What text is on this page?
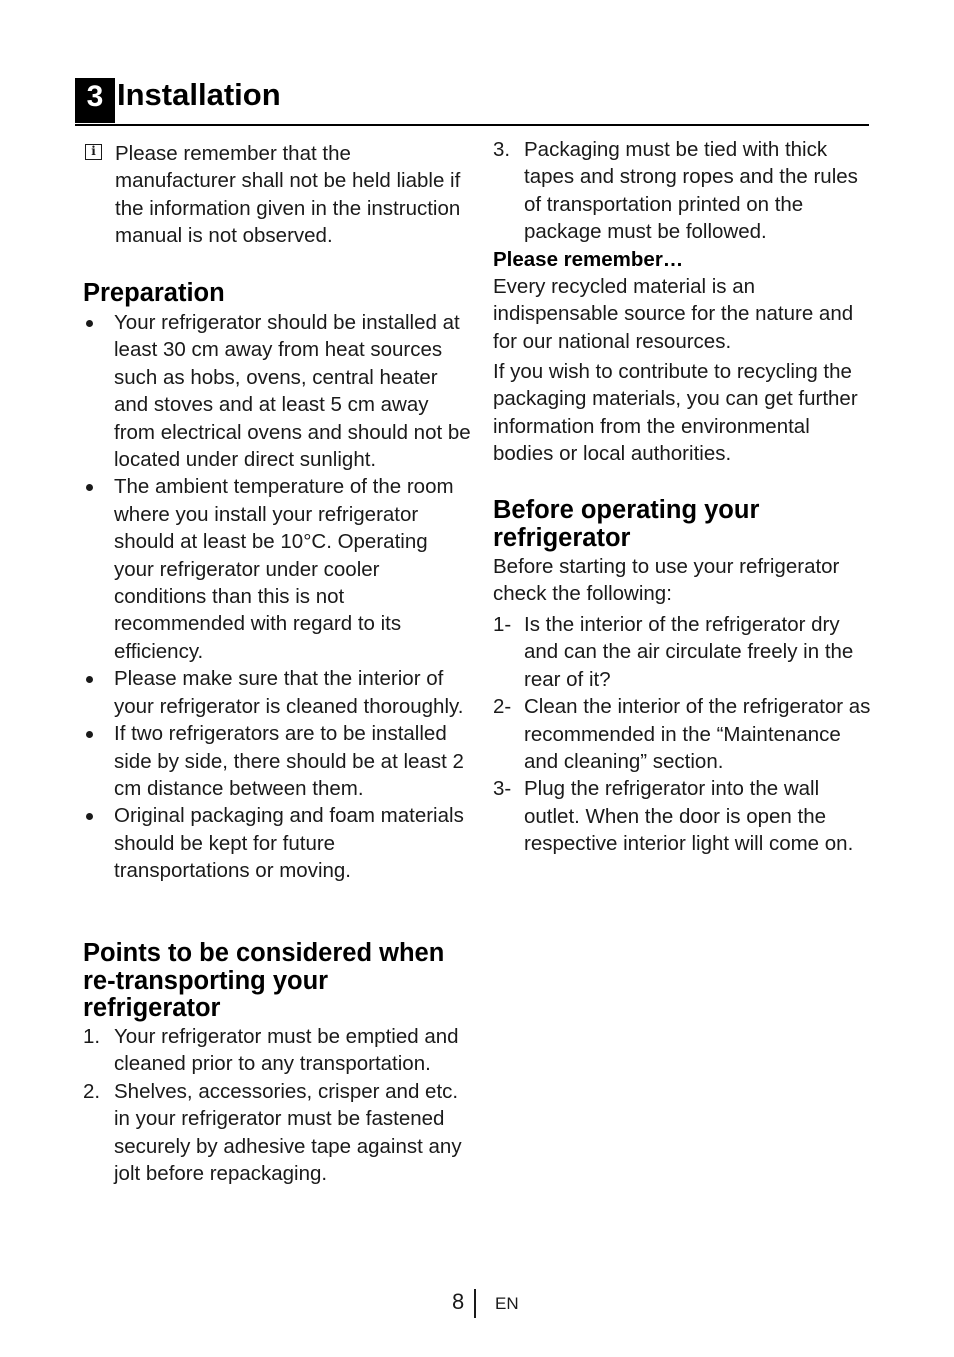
3 Installation
i Please remember that the manufacturer shall not be held liable if the information given in the instruction manual is not observed.
Preparation
Your refrigerator should be installed at least 30 cm away from heat sources such as hobs, ovens, central heater and stoves and at least 5 cm away from electrical ovens and should not be located under direct sunlight.
The ambient temperature of the room where you install your refrigerator should at least be 10°C. Operating your refrigerator under cooler conditions than this is not recommended with regard to its efficiency.
Please make sure that the interior of your refrigerator is cleaned thoroughly.
If two refrigerators are to be installed side by side, there should be at least 2 cm distance between them.
Original packaging and foam materials should be kept for future transportations or moving.
Points to be considered when re-transporting your refrigerator
1. Your refrigerator must be emptied and cleaned prior to any transportation.
2. Shelves, accessories, crisper and etc. in your refrigerator must be fastened securely by adhesive tape against any jolt before repackaging.
3. Packaging must be tied with thick tapes and strong ropes and the rules of transportation printed on the package must be followed.
Please remember…

Every recycled material is an indispensable source for the nature and for our national resources.

If you wish to contribute to recycling the packaging materials, you can get further information from the environmental bodies or local authorities.

Before operating your refrigerator

Before starting to use your refrigerator check the following:

1- Is the interior of the refrigerator dry and can the air circulate freely in the rear of it?
2- Clean the interior of the refrigerator as recommended in the “Maintenance and cleaning” section.
3- Plug the refrigerator into the wall outlet. When the door is open the respective interior light will come on.
8 EN
